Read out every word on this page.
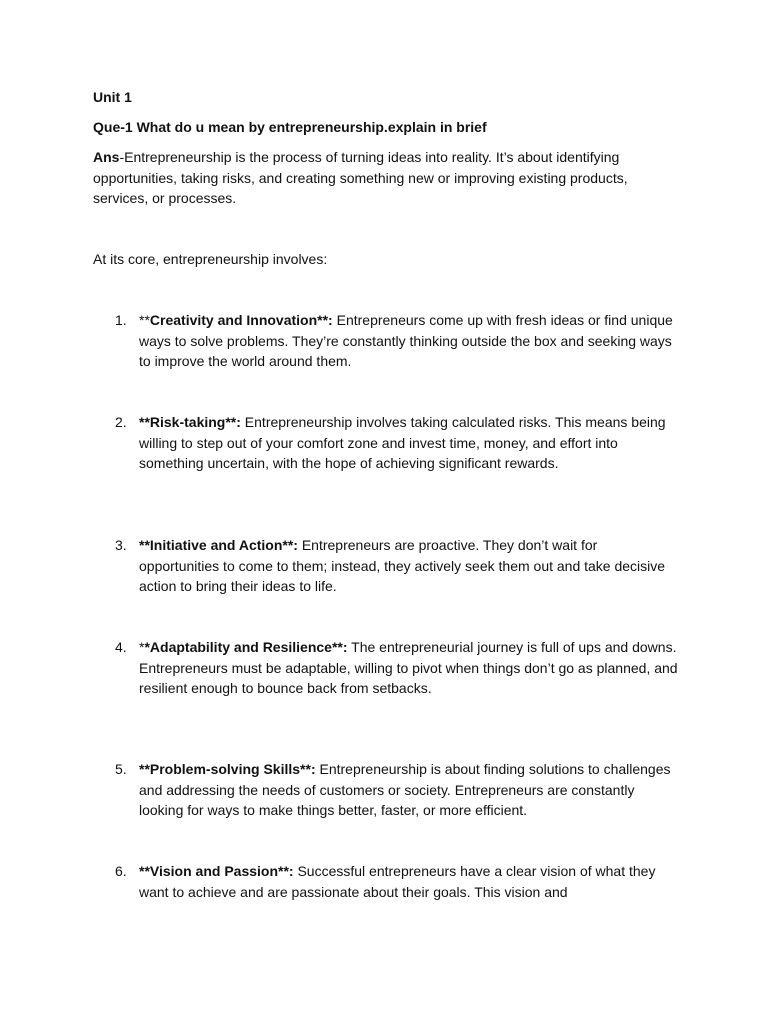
Unit 1

Que-1 What do u mean by entrepreneurship.explain in brief

Ans-Entrepreneurship is the process of turning ideas into reality. It’s about identifying opportunities, taking risks, and creating something new or improving existing products, services, or processes.

At its core, entrepreneurship involves:

1. **Creativity and Innovation**: Entrepreneurs come up with fresh ideas or find unique ways to solve problems. They’re constantly thinking outside the box and seeking ways to improve the world around them.
2. **Risk-taking**: Entrepreneurship involves taking calculated risks. This means being willing to step out of your comfort zone and invest time, money, and effort into something uncertain, with the hope of achieving significant rewards.
3. **Initiative and Action**: Entrepreneurs are proactive. They don’t wait for opportunities to come to them; instead, they actively seek them out and take decisive action to bring their ideas to life.
4. **Adaptability and Resilience**: The entrepreneurial journey is full of ups and downs. Entrepreneurs must be adaptable, willing to pivot when things don’t go as planned, and resilient enough to bounce back from setbacks.
5. **Problem-solving Skills**: Entrepreneurship is about finding solutions to challenges and addressing the needs of customers or society. Entrepreneurs are constantly looking for ways to make things better, faster, or more efficient.
6. **Vision and Passion**: Successful entrepreneurs have a clear vision of what they want to achieve and are passionate about their goals. This vision and
